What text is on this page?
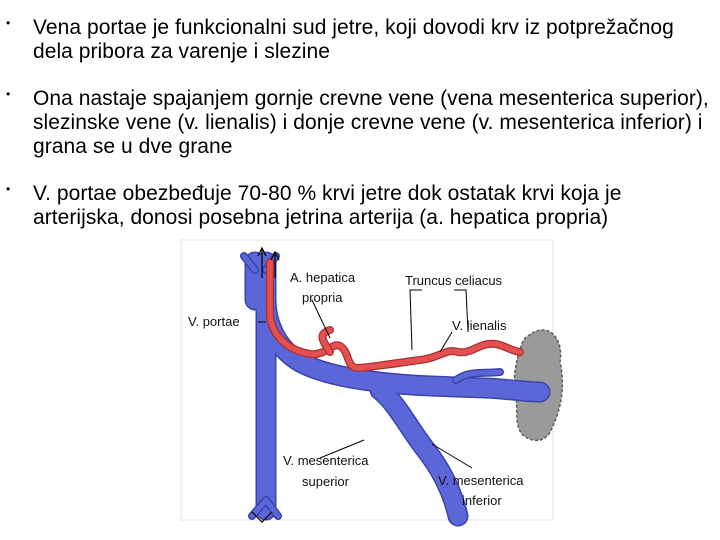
• Vena portae je funkcionalni sud jetre, koji dovodi krv iz potprežačnog dela pribora za varenje i slezine
• Ona nastaje spajanjem gornje crevne vene (vena mesenterica superior), slezinske vene (v. lienalis) i donje crevne vene (v. mesenterica inferior) i grana se u dve grane
• V. portae obezbeđuje 70-80 % krvi jetre dok ostatak krvi koja je arterijska, donosi posebna jetrina arterija (a. hepatica propria)
A. hepatica
propria
Truncus celiacus
V. portae	V. lienalis
V. mesenterica
superior	V. mesenterica
inferior
